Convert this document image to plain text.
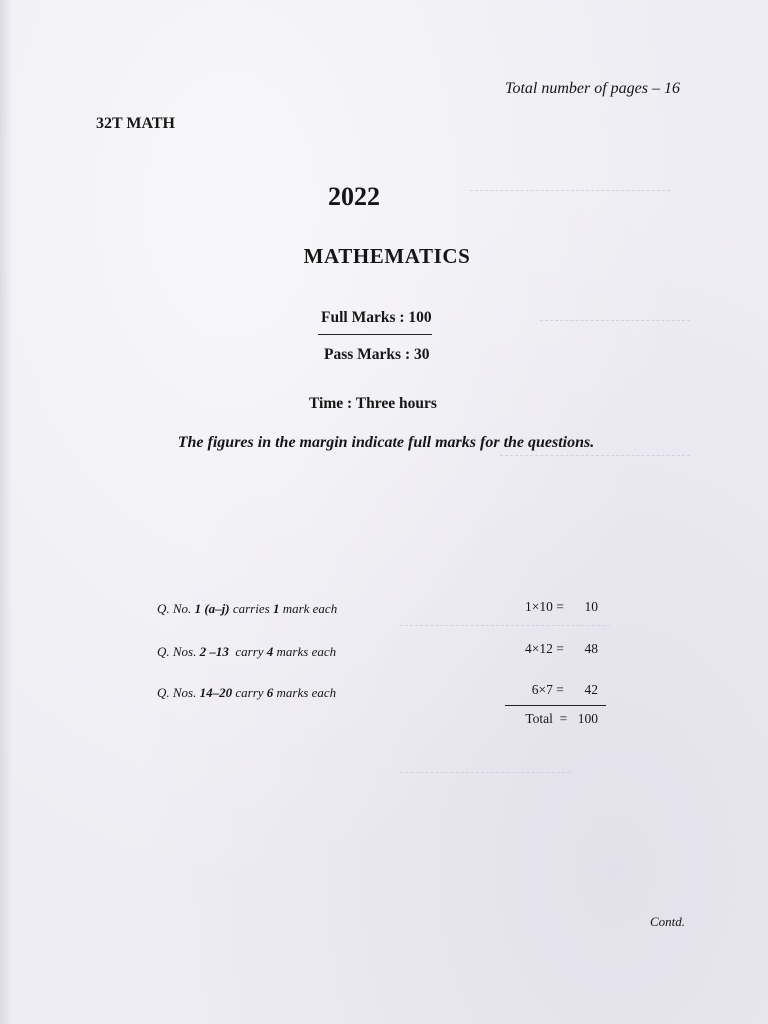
Total number of pages – 16
32T MATH
2022
MATHEMATICS
Full Marks : 100
Pass Marks : 30
Time : Three hours
The figures in the margin indicate full marks for the questions.
Q. No. 1 (a–j) carries 1 mark each	1×10 = 10
Q. Nos. 2 –13  carry 4 marks each	4×12 = 48
Q. Nos. 14–20 carry 6 marks each	6×7 = 42
Total  = 100
Contd.
